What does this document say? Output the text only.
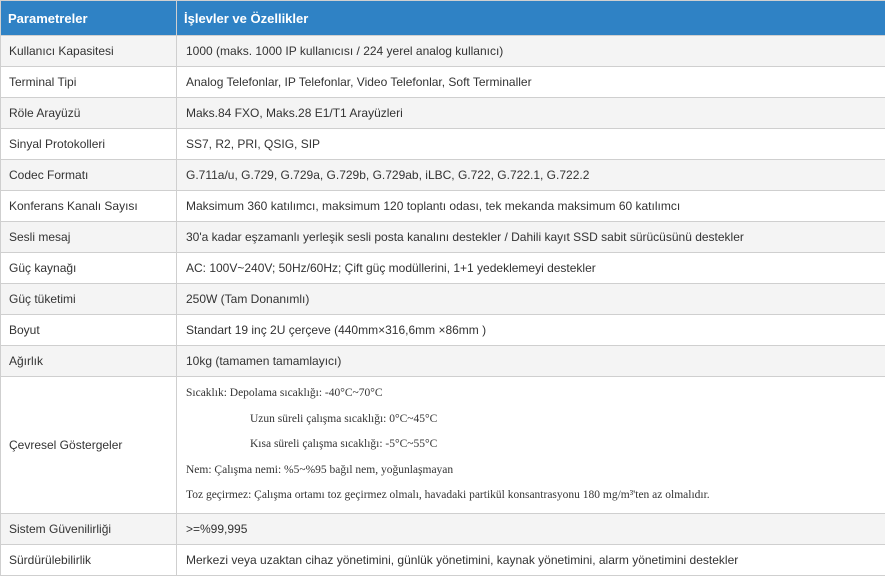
Parametreler	İşlevler ve Özellikler
Kullanıcı Kapasitesi	1000 (maks. 1000 IP kullanıcısı / 224 yerel analog kullanıcı)
Terminal Tipi	Analog Telefonlar, IP Telefonlar, Video Telefonlar, Soft Terminaller
Röle Arayüzü	Maks.84 FXO, Maks.28 E1/T1 Arayüzleri
Sinyal Protokolleri	SS7, R2, PRI, QSIG, SIP
Codec Formatı	G.711a/u, G.729, G.729a, G.729b, G.729ab, iLBC, G.722, G.722.1, G.722.2
Konferans Kanalı Sayısı	Maksimum 360 katılımcı, maksimum 120 toplantı odası, tek mekanda maksimum 60 katılımcı
Sesli mesaj	30'a kadar eşzamanlı yerleşik sesli posta kanalını destekler / Dahili kayıt SSD sabit sürücüsünü destekler
Güç kaynağı	AC: 100V~240V; 50Hz/60Hz; Çift güç modüllerini, 1+1 yedeklemeyi destekler
Güç tüketimi	250W (Tam Donanımlı)
Boyut	Standart 19 inç 2U çerçeve (440mm×316,6mm ×86mm )
Ağırlık	10kg (tamamen tamamlayıcı)
Çevresel Göstergeler	Sıcaklık: Depolama sıcaklığı: -40°C~70°C

Uzun süreli çalışma sıcaklığı: 0°C~45°C

Kısa süreli çalışma sıcaklığı: -5°C~55°C

Nem: Çalışma nemi: %5~%95 bağıl nem, yoğunlaşmayan

Toz geçirmez: Çalışma ortamı toz geçirmez olmalı, havadaki partikül konsantrasyonu 180 mg/m³'ten az olmalıdır.

Sistem Güvenilirliği	>=%99,995
Sürdürülebilirlik	Merkezi veya uzaktan cihaz yönetimini, günlük yönetimini, kaynak yönetimini, alarm yönetimini destekler
